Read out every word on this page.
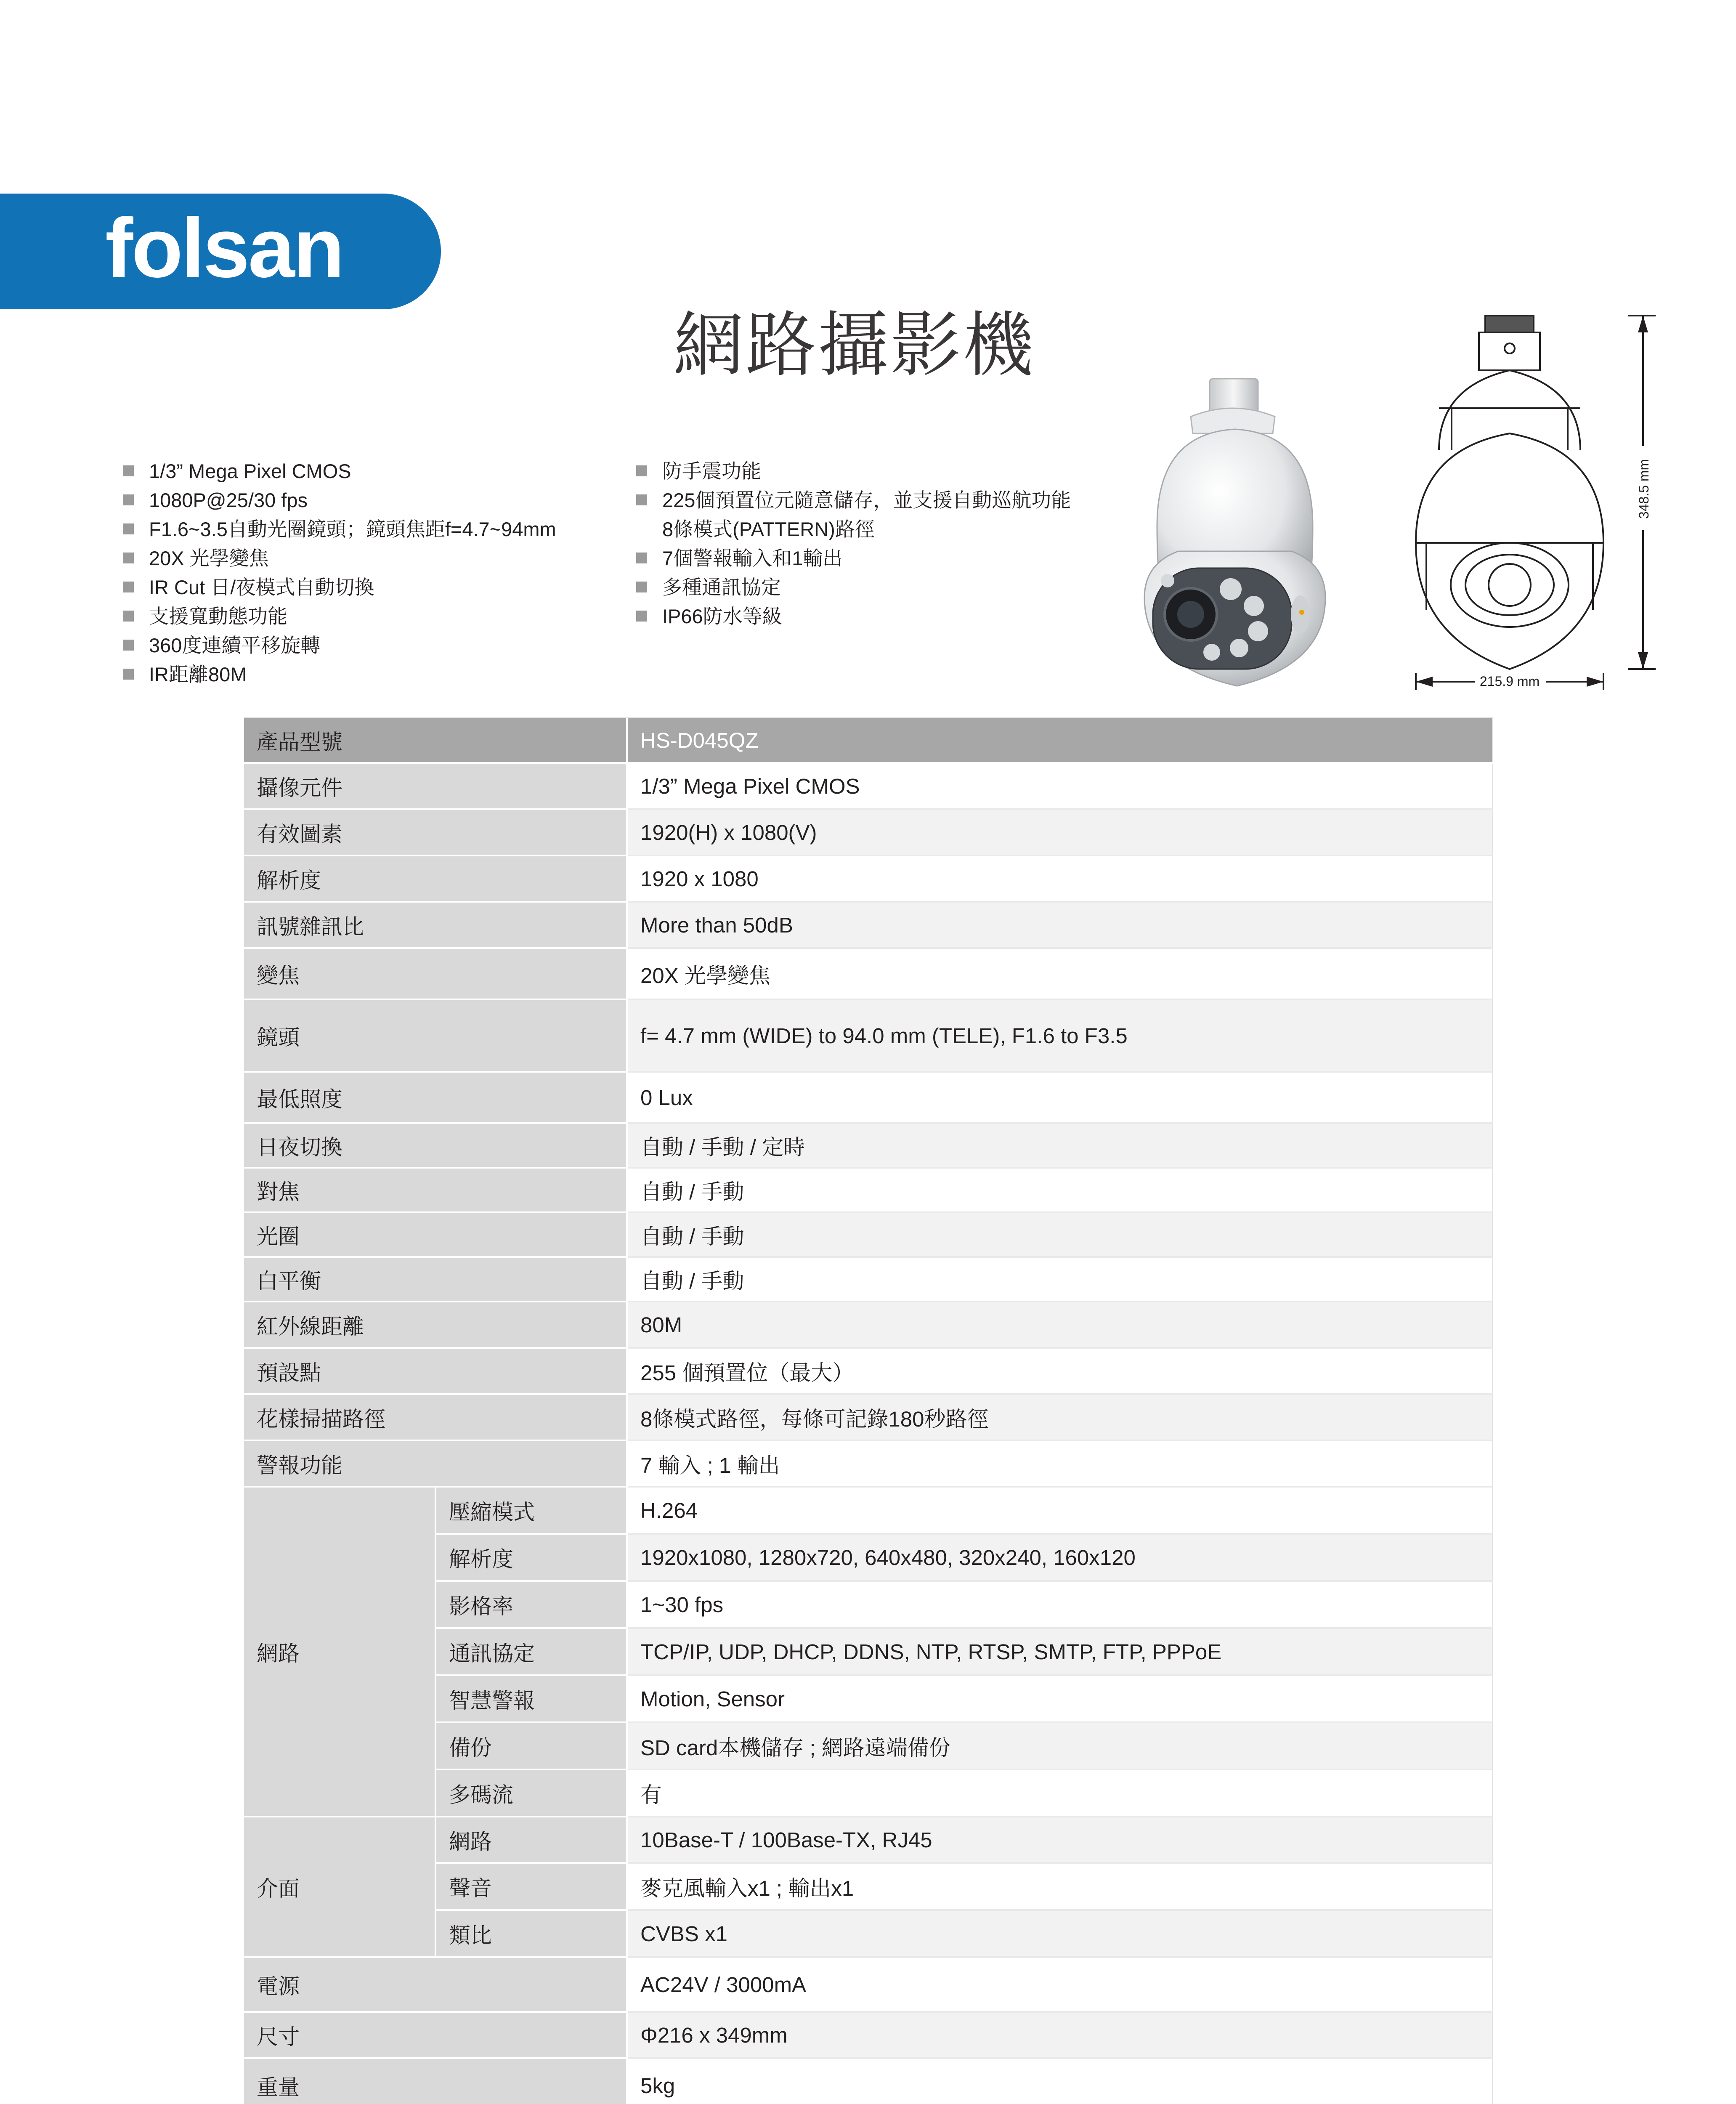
folsan
網路攝影機
1/3” Mega Pixel CMOS
1080P@25/30 fps
F1.6~3.5自動光圈鏡頭；鏡頭焦距f=4.7~94mm
20X 光學變焦
IR Cut 日/夜模式自動切換
支援寬動態功能
360度連續平移旋轉
IR距離80M
防手震功能
225個預置位元隨意儲存，並支援自動巡航功能
8條模式(PATTERN)路徑
7個警報輸入和1輸出
多種通訊協定
IP66防水等級
215.9 mm
348.5 mm
產品型號		HS-D045QZ
攝像元件		1/3” Mega Pixel CMOS
有效圖素		1920(H) x 1080(V)
解析度		1920 x 1080
訊號雜訊比		More than 50dB
變焦		20X 光學變焦
鏡頭		f= 4.7 mm (WIDE) to 94.0 mm (TELE), F1.6 to F3.5
最低照度		0 Lux
日夜切換		自動 / 手動 / 定時
對焦		自動 / 手動
光圈		自動 / 手動
白平衡		自動 / 手動
紅外線距離		80M
預設點		255 個預置位（最大）
花樣掃描路徑		8條模式路徑，每條可記錄180秒路徑
警報功能		7 輸入 ; 1 輸出
網路	壓縮模式	H.264
	解析度	1920x1080, 1280x720, 640x480, 320x240, 160x120
	影格率	1~30 fps
	通訊協定	TCP/IP, UDP, DHCP, DDNS, NTP, RTSP, SMTP, FTP, PPPoE
	智慧警報	Motion, Sensor
	備份	SD card本機儲存 ; 網路遠端備份
	多碼流	有
介面	網路	10Base-T / 100Base-TX, RJ45
	聲音	麥克風輸入x1 ; 輸出x1
	類比	CVBS x1
電源		AC24V / 3000mA
尺寸		Φ216 x 349mm
重量		5kg
